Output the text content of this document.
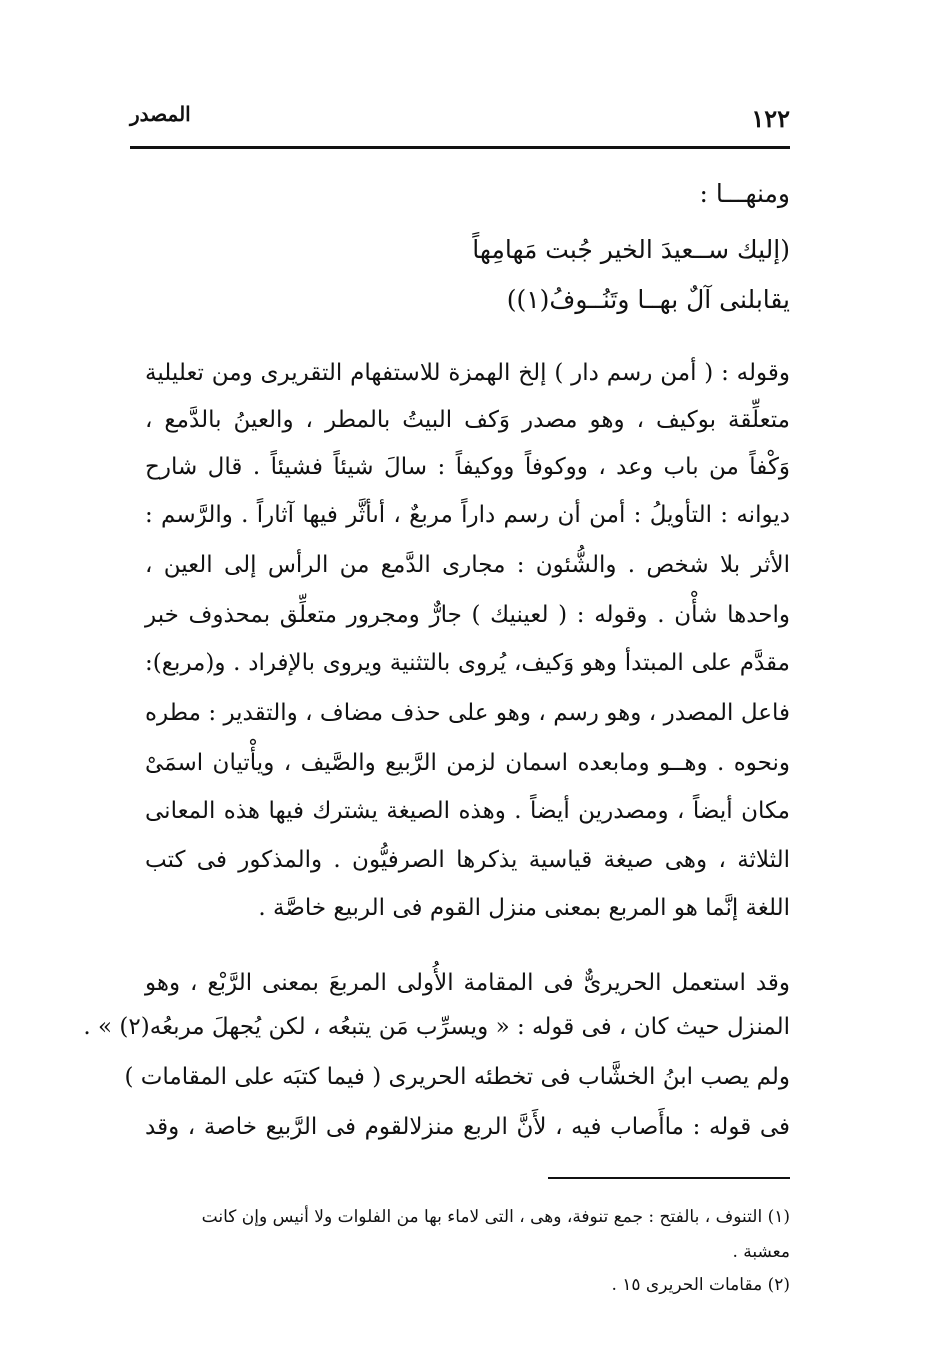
١٢٢
المصدر
ومنهـــا :
(إليك ســعيدَ الخير جُبت مَهامِهاً
يقابلنى آلٌ بهــا وتَنُــوفُ(١))
وقوله : ( أمن رسم دار ) إلخ الهمزة للاستفهام التقريرى ومن تعليلية
متعلِّقة بوكيف ، وهو مصدر وَكف البيتُ بالمطر ، والعينُ بالدَّمع ،
وَكْفاً من باب وعد ، ووكوفاً ووكيفاً : سالَ شيئاً فشيئاً . قال شارح
ديوانه : التأويلُ : أمن أن رسم داراً مربعٌ ، أىأثَّر فيها آثاراً . والرَّسم :
الأثر بلا شخص . والشُّئون : مجارى الدَّمع من الرأس إلى العين ،
واحدها شأْن . وقوله : ( لعينيك ) جارٌّ ومجرور متعلِّق بمحذوف خبر
مقدَّم على المبتدأ وهو وَكيف، يُروى بالتثنية ويروى بالإفراد . و(مربع):
فاعل المصدر ، وهو رسم ، وهو على حذف مضاف ، والتقدير : مطره
ونحوه . وهــو ومابعده اسمان لزمن الرَّبيع والصَّيف ، ويأْتيان اسمَىْ
مكان أيضاً ، ومصدرين أيضاً . وهذه الصيغة يشترك فيها هذه المعانى
الثلاثة ، وهى صيغة قياسية يذكرها الصرفيُّون . والمذكور فى كتب
اللغة إنَّما هو المربع بمعنى منزل القوم فى الربيع خاصَّة .
وقد استعمل الحريرىٌّ فى المقامة الأُولى المربعَ بمعنى الرَّبْع ، وهو
المنزل حيث كان ، فى قوله : « ويسرِّب مَن يتبعُه ، لكن يُجهلَ مربعُه(٢) » .
ولم يصب ابنُ الخشَّاب فى تخطئه الحريرى ( فيما كتبَه على المقامات )
فى قوله : ماأَصاب فيه ، لأَنَّ الربع منزلالقوم فى الرَّبيع خاصة ، وقد
(١) التنوف ، بالفتح : جمع تنوفة، وهى ، التى لاماء بها من الفلوات ولا أنيس وإن كانت
معشبة .
(٢) مقامات الحريرى ١٥ .
